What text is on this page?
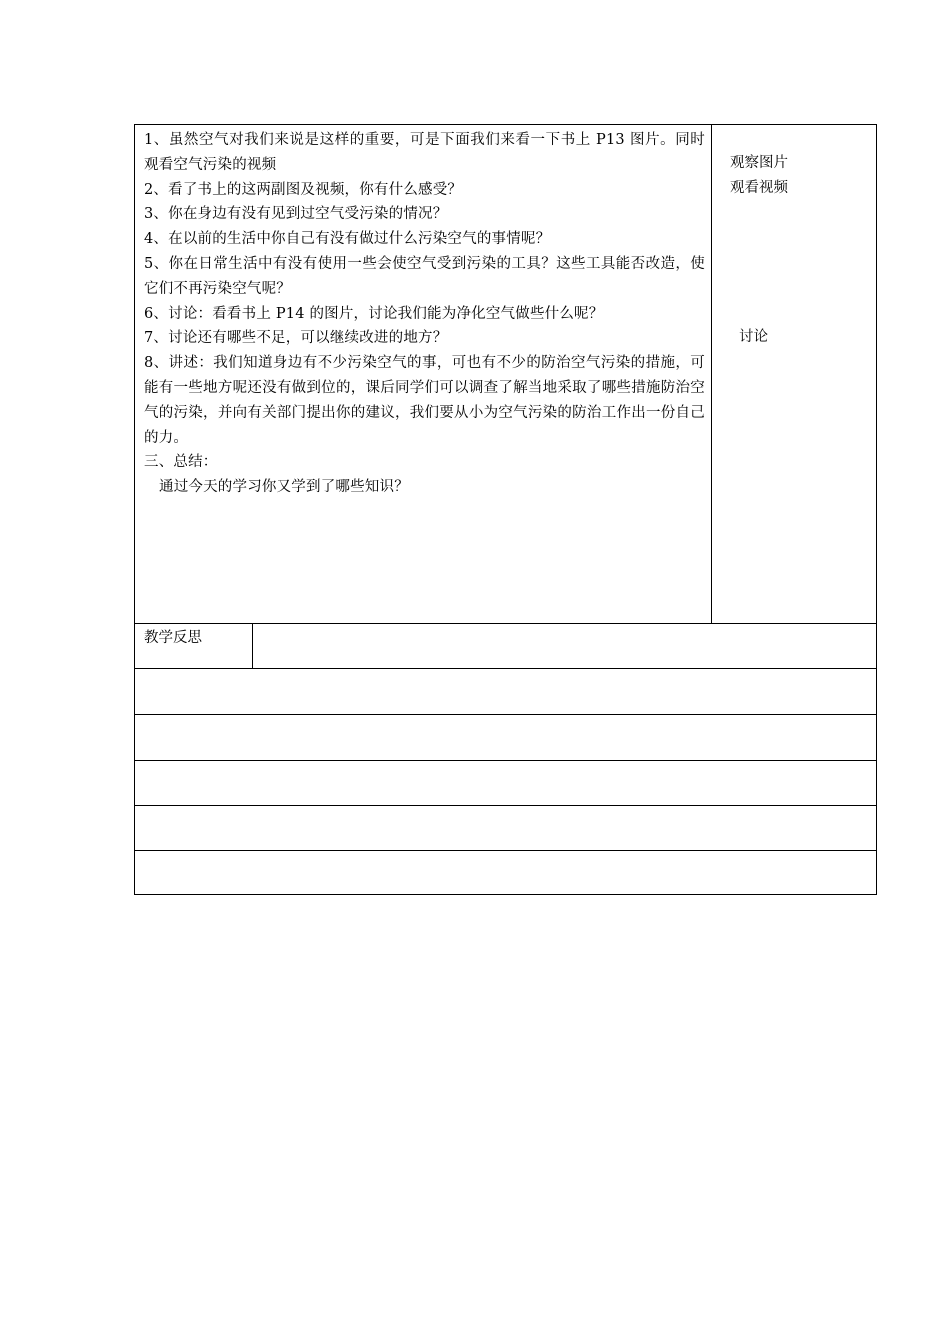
1、虽然空气对我们来说是这样的重要，可是下面我们来看一下书上 P13 图片。同时观看空气污染的视频

2、看了书上的这两副图及视频，你有什么感受？

3、你在身边有没有见到过空气受污染的情况？

4、在以前的生活中你自己有没有做过什么污染空气的事情呢？

5、你在日常生活中有没有使用一些会使空气受到污染的工具？这些工具能否改造，使它们不再污染空气呢？

6、讨论：看看书上 P14 的图片，讨论我们能为净化空气做些什么呢？

7、讨论还有哪些不足，可以继续改进的地方？

8、讲述：我们知道身边有不少污染空气的事，可也有不少的防治空气污染的措施，可能有一些地方呢还没有做到位的，课后同学们可以调查了解当地采取了哪些措施防治空气的污染，并向有关部门提出你的建议，我们要从小为空气污染的防治工作出一份自己的力。

三、总结：

通过今天的学习你又学到了哪些知识？

观察图片
观看视频
讨论
教学反思
